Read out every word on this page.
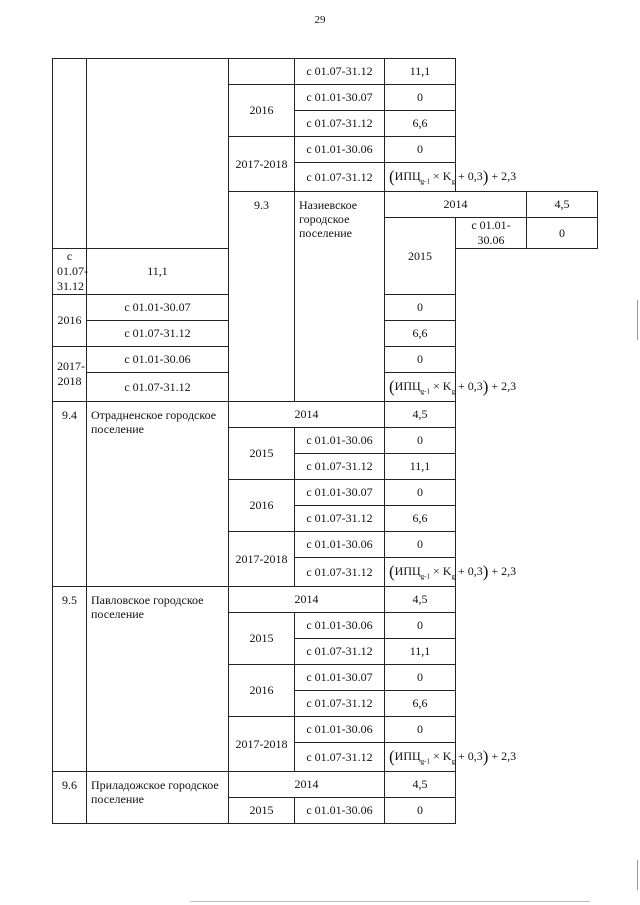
29
			с 01.07-31.12	11,1		
		2016	с 01.01-30.07	0		
			с 01.07-31.12	6,6		
		2017-2018	с 01.01-30.06	0		
			с 01.07-31.12	$(ИПЦ_{g-1} \times K_g + 0,3) + 2,3$		
		9.3	Назиевское городское поселение	2014		4,5
				2015	с 01.01-30.06	0
с 01.07-31.12	11,1					
2016	с 01.01-30.07			0		
	с 01.07-31.12			6,6		
2017-2018	с 01.01-30.06			0		
	с 01.07-31.12			$(ИПЦ_{g-1} \times K_g + 0,3) + 2,3$		
9.4	Отрадненское городское поселение	2014		4,5		
		2015	с 01.01-30.06	0		
			с 01.07-31.12	11,1		
		2016	с 01.01-30.07	0		
			с 01.07-31.12	6,6		
		2017-2018	с 01.01-30.06	0		
			с 01.07-31.12	$(ИПЦ_{g-1} \times K_g + 0,3) + 2,3$		
9.5	Павловское городское поселение	2014		4,5		
		2015	с 01.01-30.06	0		
			с 01.07-31.12	11,1		
		2016	с 01.01-30.07	0		
			с 01.07-31.12	6,6		
		2017-2018	с 01.01-30.06	0		
			с 01.07-31.12	$(ИПЦ_{g-1} \times K_g + 0,3) + 2,3$		
9.6	Приладожское городское поселение	2014		4,5		
		2015	с 01.01-30.06	0		
